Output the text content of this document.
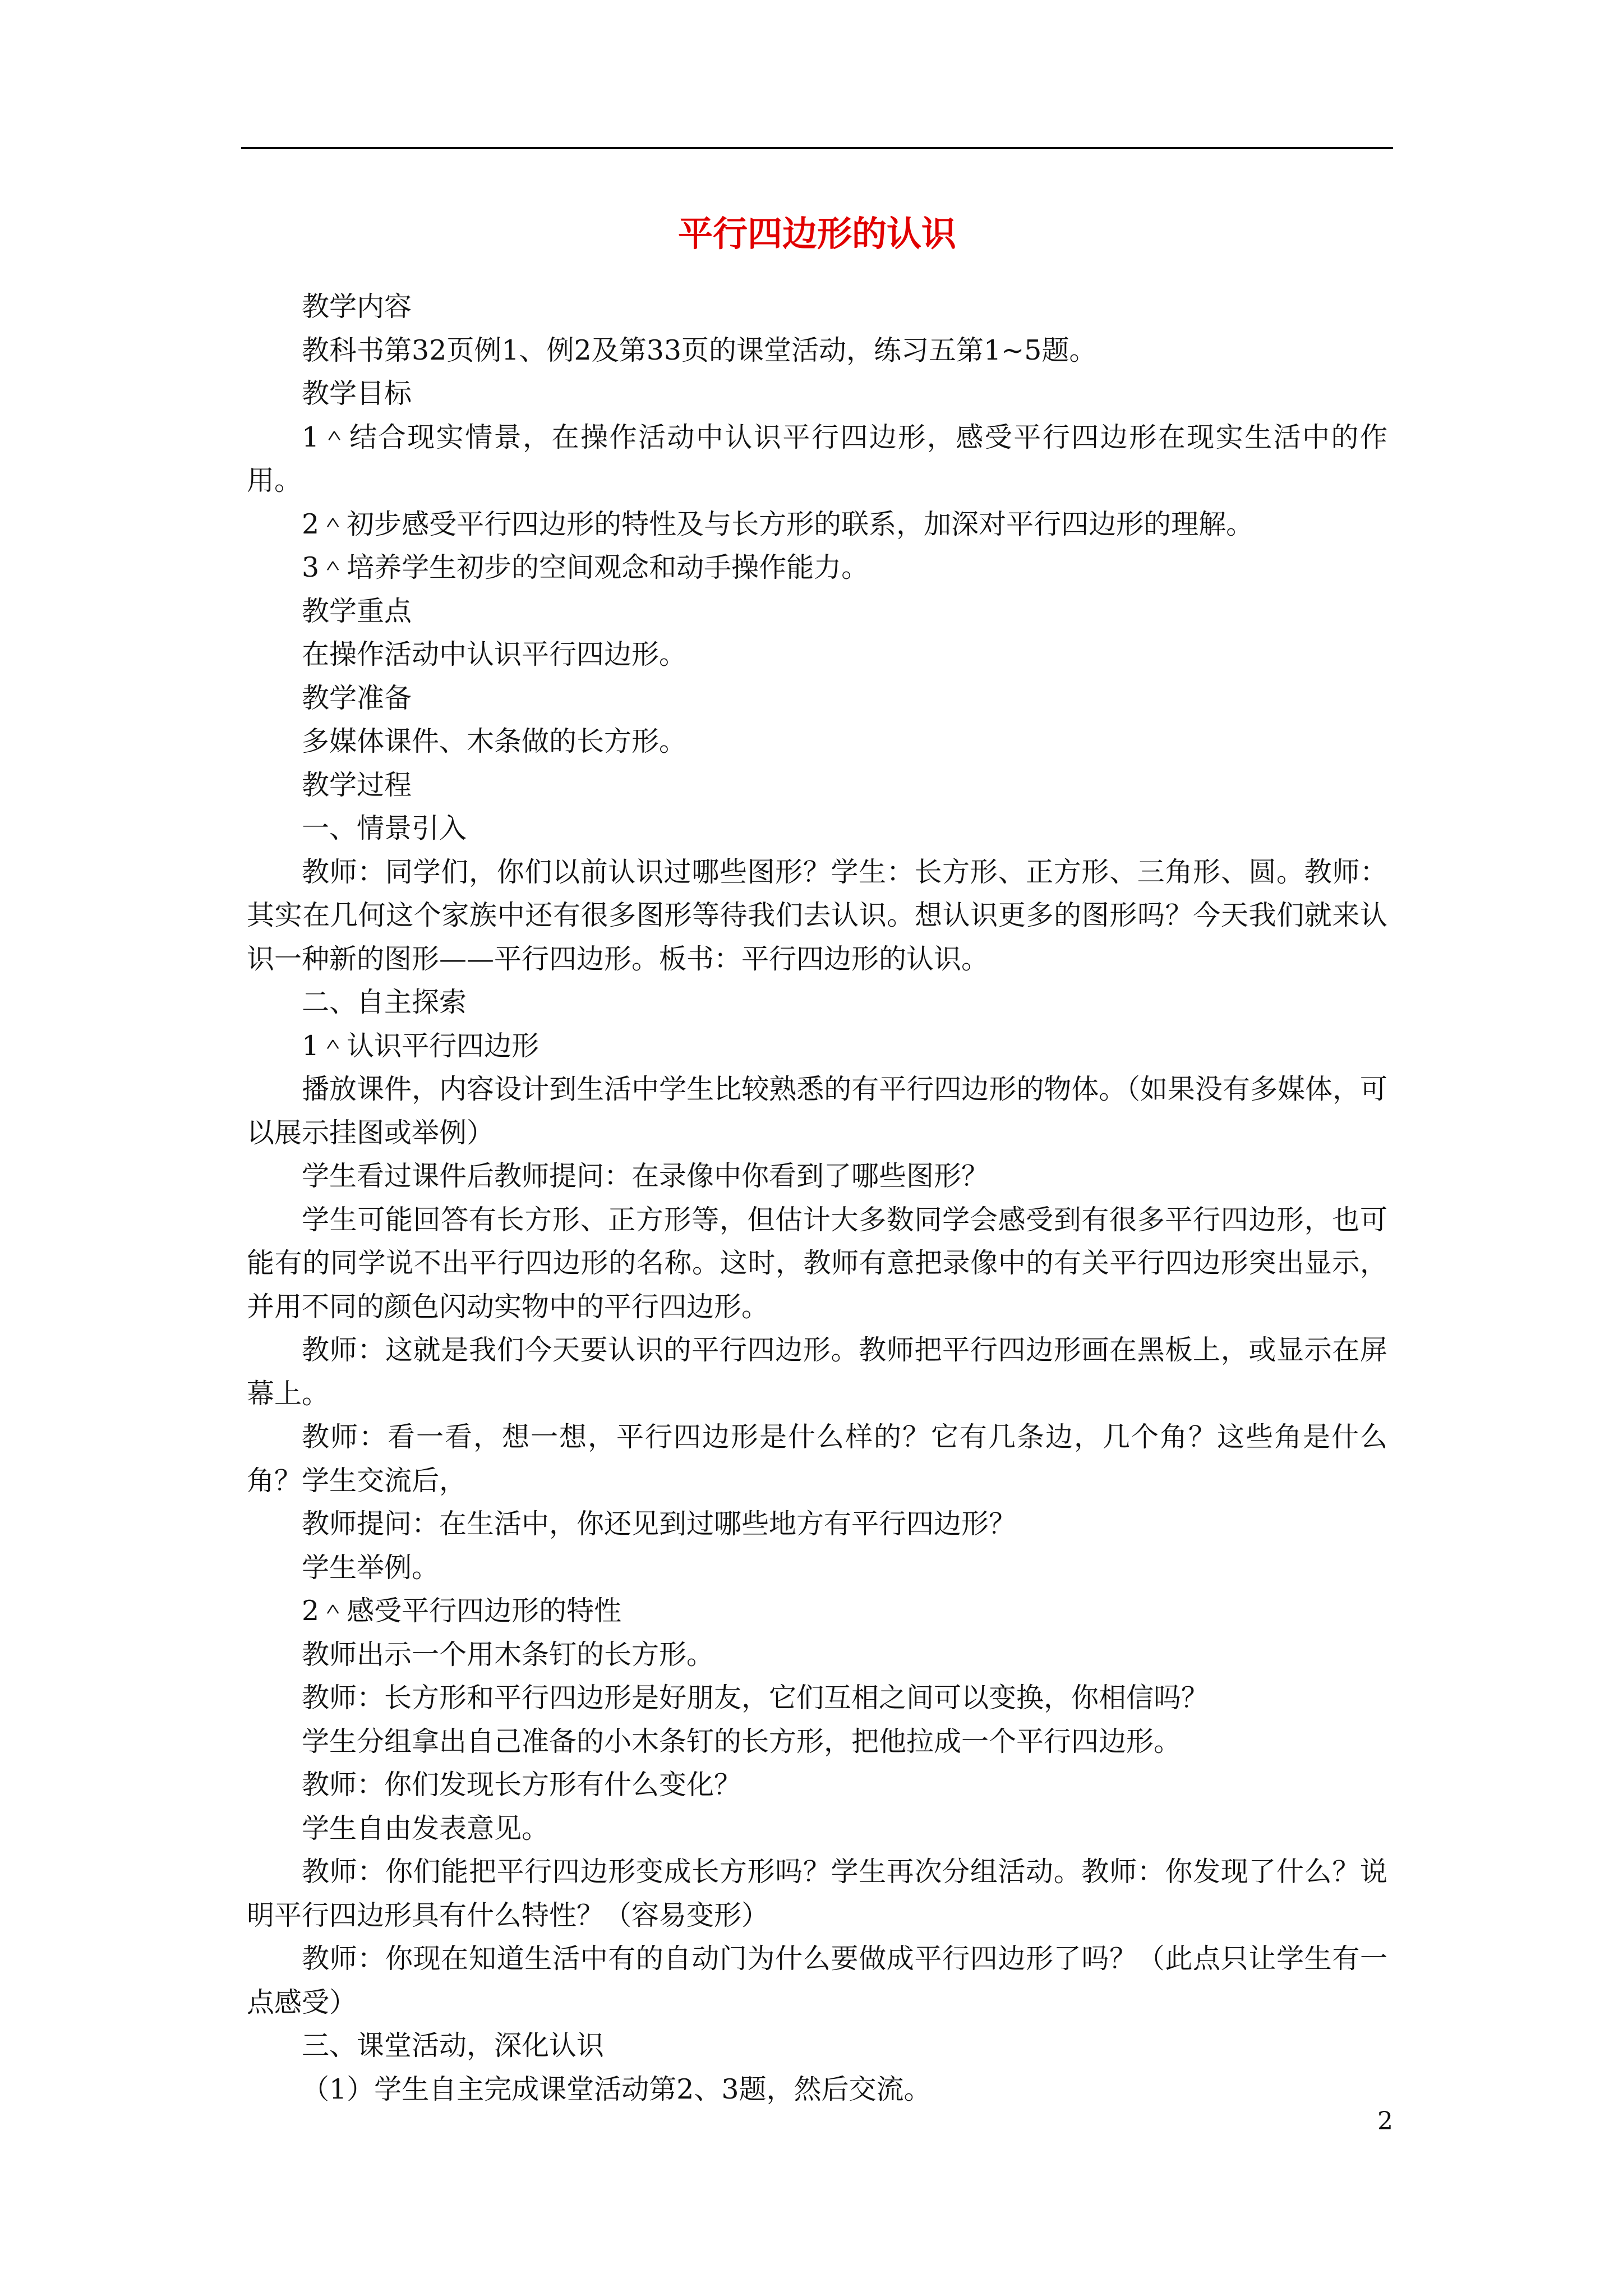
平行四边形的认识

教学内容

教科书第32页例1、例2及第33页的课堂活动，练习五第1~5题。

教学目标

1＾结合现实情景，在操作活动中认识平行四边形，感受平行四边形在现实生活中的作用。

2＾初步感受平行四边形的特性及与长方形的联系，加深对平行四边形的理解。

3＾培养学生初步的空间观念和动手操作能力。

教学重点

在操作活动中认识平行四边形。

教学准备

多媒体课件、木条做的长方形。

教学过程

一、情景引入

教师：同学们，你们以前认识过哪些图形？学生：长方形、正方形、三角形、圆。教师：其实在几何这个家族中还有很多图形等待我们去认识。想认识更多的图形吗？今天我们就来认识一种新的图形——平行四边形。板书：平行四边形的认识。

二、自主探索

1＾认识平行四边形

播放课件，内容设计到生活中学生比较熟悉的有平行四边形的物体。（如果没有多媒体，可以展示挂图或举例）

学生看过课件后教师提问：在录像中你看到了哪些图形？

学生可能回答有长方形、正方形等，但估计大多数同学会感受到有很多平行四边形，也可能有的同学说不出平行四边形的名称。这时，教师有意把录像中的有关平行四边形突出显示，并用不同的颜色闪动实物中的平行四边形。

教师：这就是我们今天要认识的平行四边形。教师把平行四边形画在黑板上，或显示在屏幕上。

教师：看一看，想一想，平行四边形是什么样的？它有几条边，几个角？这些角是什么角？学生交流后，

教师提问：在生活中，你还见到过哪些地方有平行四边形？

学生举例。

2＾感受平行四边形的特性

教师出示一个用木条钉的长方形。

教师：长方形和平行四边形是好朋友，它们互相之间可以变换，你相信吗？

学生分组拿出自己准备的小木条钉的长方形，把他拉成一个平行四边形。

教师：你们发现长方形有什么变化？

学生自由发表意见。

教师：你们能把平行四边形变成长方形吗？学生再次分组活动。教师：你发现了什么？说明平行四边形具有什么特性？（容易变形）

教师：你现在知道生活中有的自动门为什么要做成平行四边形了吗？（此点只让学生有一点感受）

三、课堂活动，深化认识

（1）学生自主完成课堂活动第2、3题，然后交流。

2
